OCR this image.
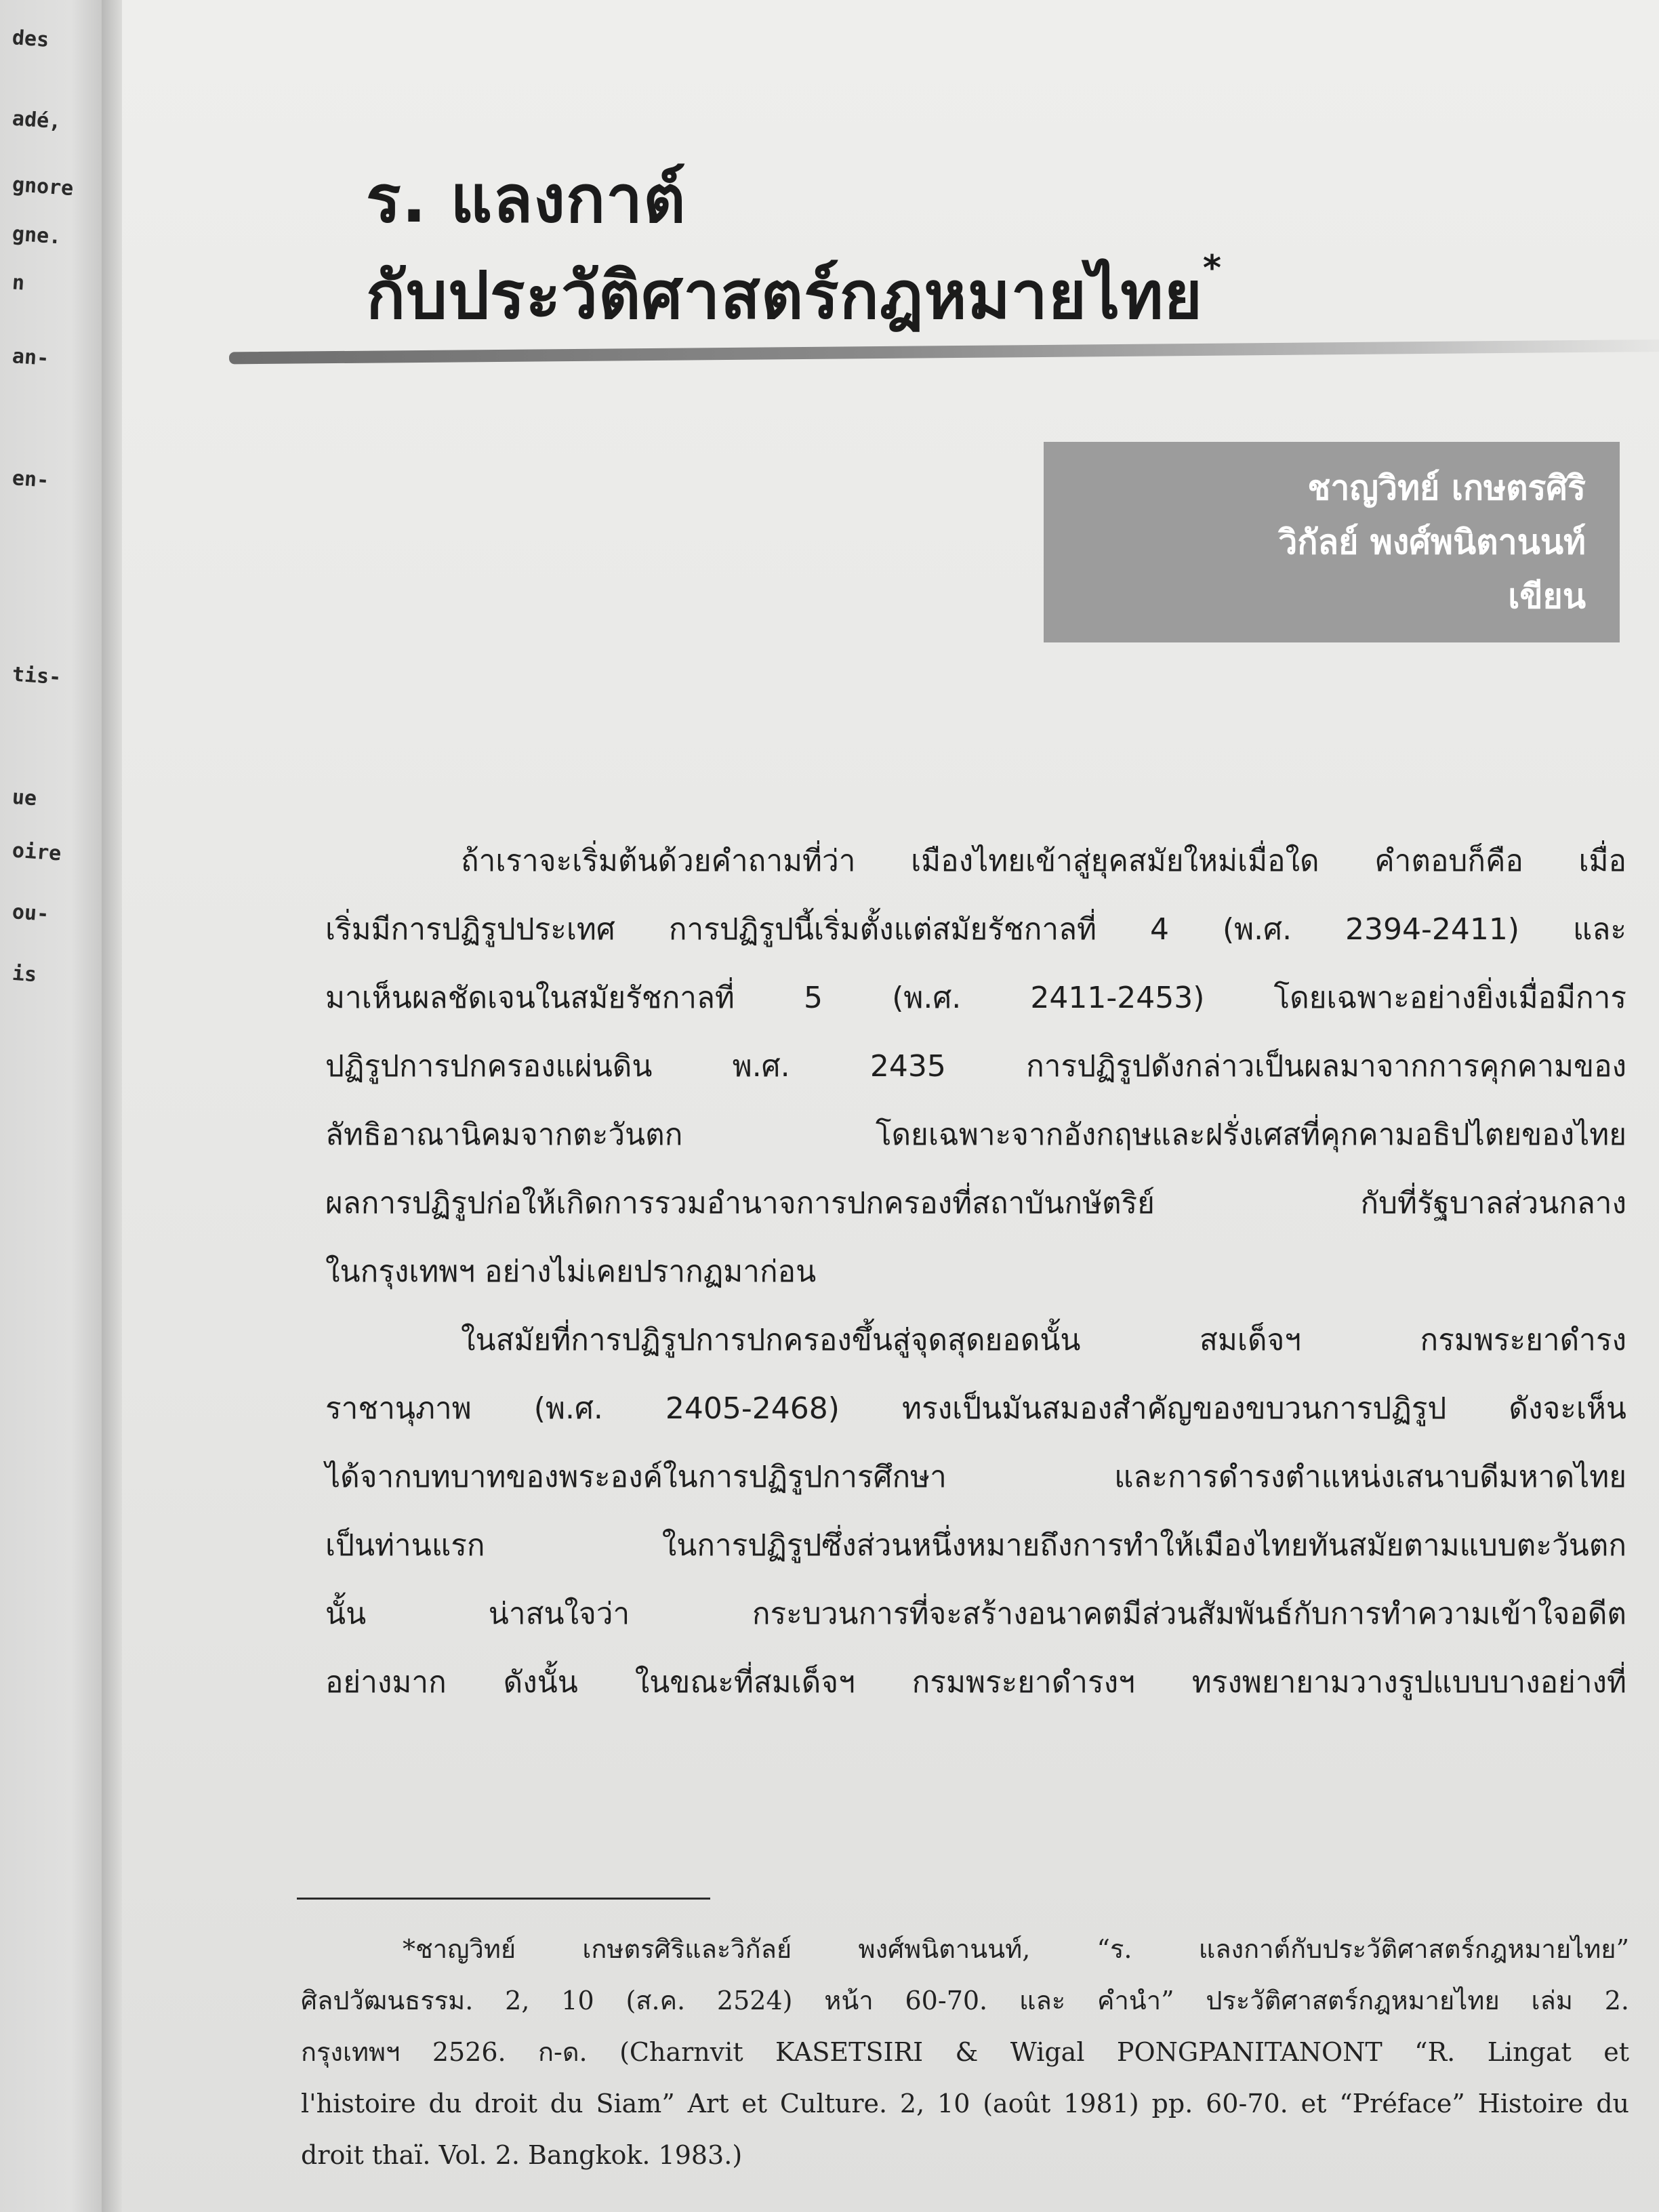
des
adé,
gnore
gne.
n
an-
en-
tis-
ue
oire
ou-
is
ร. แลงกาต์
กับประวัติศาสตร์กฎหมายไทย*
ชาญวิทย์ เกษตรศิริ
วิกัลย์ พงศ์พนิตานนท์
เขียน
ถ้าเราจะเริ่มต้นด้วยคำถามที่ว่า เมืองไทยเข้าสู่ยุคสมัยใหม่เมื่อใด คำตอบก็คือ เมื่อ
เริ่มมีการปฏิรูปประเทศ การปฏิรูปนี้เริ่มตั้งแต่สมัยรัชกาลที่ 4 (พ.ศ. 2394-2411) และ
มาเห็นผลชัดเจนในสมัยรัชกาลที่ 5 (พ.ศ. 2411-2453) โดยเฉพาะอย่างยิ่งเมื่อมีการ
ปฏิรูปการปกครองแผ่นดิน พ.ศ. 2435 การปฏิรูปดังกล่าวเป็นผลมาจากการคุกคามของ
ลัทธิอาณานิคมจากตะวันตก โดยเฉพาะจากอังกฤษและฝรั่งเศสที่คุกคามอธิปไตยของไทย
ผลการปฏิรูปก่อให้เกิดการรวมอำนาจการปกครองที่สถาบันกษัตริย์ กับที่รัฐบาลส่วนกลาง
ในกรุงเทพฯ อย่างไม่เคยปรากฏมาก่อน
ในสมัยที่การปฏิรูปการปกครองขึ้นสู่จุดสุดยอดนั้น สมเด็จฯ กรมพระยาดำรง
ราชานุภาพ (พ.ศ. 2405-2468) ทรงเป็นมันสมองสำคัญของขบวนการปฏิรูป ดังจะเห็น
ได้จากบทบาทของพระองค์ในการปฏิรูปการศึกษา และการดำรงตำแหน่งเสนาบดีมหาดไทย
เป็นท่านแรก ในการปฏิรูปซึ่งส่วนหนึ่งหมายถึงการทำให้เมืองไทยทันสมัยตามแบบตะวันตก
นั้น น่าสนใจว่า กระบวนการที่จะสร้างอนาคตมีส่วนสัมพันธ์กับการทำความเข้าใจอดีต
อย่างมาก ดังนั้น ในขณะที่สมเด็จฯ กรมพระยาดำรงฯ ทรงพยายามวางรูปแบบบางอย่างที่
*ชาญวิทย์ เกษตรศิริและวิกัลย์ พงศ์พนิตานนท์, “ร. แลงกาต์กับประวัติศาสตร์กฎหมายไทย”
ศิลปวัฒนธรรม. 2, 10 (ส.ค. 2524) หน้า 60-70. และ คำนำ” ประวัติศาสตร์กฎหมายไทย เล่ม 2.
กรุงเทพฯ 2526. ก-ด. (Charnvit KASETSIRI & Wigal PONGPANITANONT “R. Lingat et
l'histoire du droit du Siam” Art et Culture. 2, 10 (août 1981) pp. 60-70. et “Préface” Histoire du
droit thaï. Vol. 2. Bangkok. 1983.)
